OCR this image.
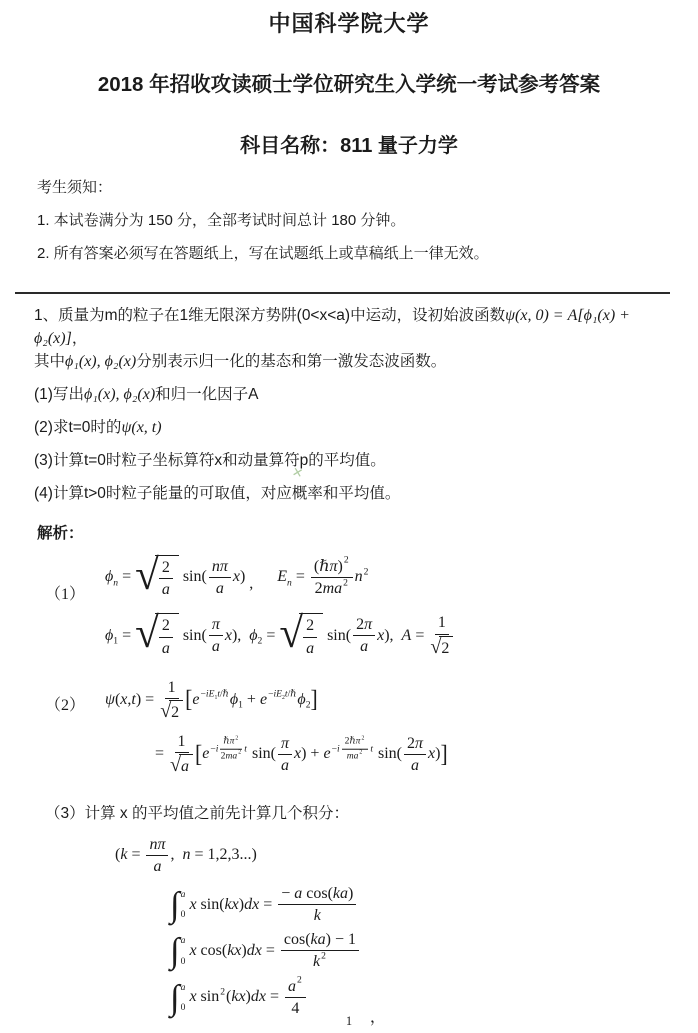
中国科学院大学
2018 年招收攻读硕士学位研究生入学统一考试参考答案
科目名称：811 量子力学
考生须知：
1. 本试卷满分为 150 分，全部考试时间总计 180 分钟。
2. 所有答案必须写在答题纸上，写在试题纸上或草稿纸上一律无效。
1、质量为m的粒子在1维无限深方势阱(0<x<a)中运动，设初始波函数ψ(x, 0) = A[ϕ₁(x) + ϕ₂(x)]，
其中ϕ₁(x), ϕ₂(x)分别表示归一化的基态和第一激发态波函数。
(1)写出ϕ₁(x), ϕ₂(x)和归一化因子A
(2)求t=0时的ψ(x, t)
(3)计算t=0时粒子坐标算符x和动量算符p的平均值。
(4)计算t>0时粒子能量的可取值，对应概率和平均值。
解析：
（1）
ϕ n = √ 2
a
sin(
nπ
a
x ) , E n =
( ℏπ ) 2
2 ma 2 n 2
ϕ 1 = √ 2
a
sin(
π
a
x ), ϕ 2 = √ 2
a
sin(
2 π
a
x ), $A = \frac{1}{√ 2}$
（2）	ψ ( x , t ) = $\frac{1}{√ 2}$ [ e − iE 1 t / ℏ ϕ 1 + e − iE 2 t / ℏ ϕ 2 ]
= $\frac{1}{√ a}$ [ e − i
ℏπ 2
2 ma 2 t sin(
π
a
x ) + e − i
2 ℏπ 2
ma 2 t sin(
2 π
a
x ) ]
（3）计算 x 的平均值之前先计算几个积分：
( $k = \frac{n\pi}{a}$ , n = 1,2,3...)
∫ a
0
x sin( kx ) dx = $\frac{\text{− a cos( ka )}}{k}$
∫ a
0
x cos( kx ) dx = $\frac{\cos( ka ) - 1}{k 2}$
∫ a
0
x sin 2 ( kx ) dx = $\frac{a 2}{4}$	，
✕
1
